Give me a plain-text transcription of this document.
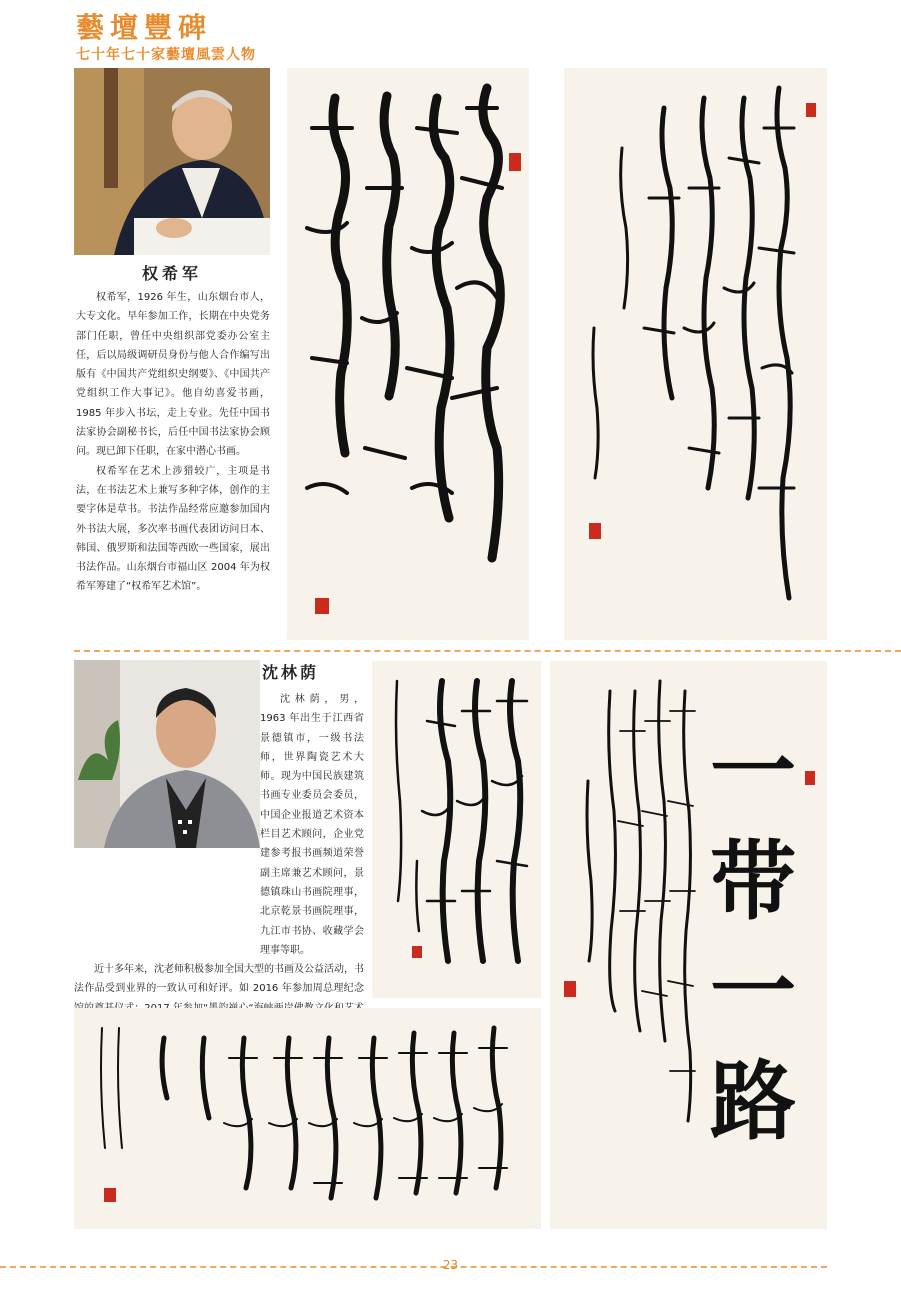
藝壇豐碑
七十年七十家藝壇風雲人物
权希军

权希军，1926 年生，山东烟台市人，大专文化。早年参加工作，长期在中央党务部门任职，曾任中央组织部党委办公室主任，后以局级调研员身份与他人合作编写出版有《中国共产党组织史纲要》、《中国共产党组织工作大事记》。他自幼喜爱书画，1985 年步入书坛，走上专业。先任中国书法家协会副秘书长，后任中国书法家协会顾问。现已卸下任职，在家中潜心书画。

权希军在艺术上涉猎较广，主项是书法，在书法艺术上兼写多种字体，创作的主要字体是草书。书法作品经常应邀参加国内外书法大展，多次率书画代表团访问日本、韩国、俄罗斯和法国等西欧一些国家，展出书法作品。山东烟台市福山区 2004 年为权希军筹建了“权希军艺术馆”。

沈林荫

沈林荫，男，1963 年出生于江西省景德镇市，一级书法师，世界陶瓷艺术大师。现为中国民族建筑书画专业委员会委员，中国企业报道艺术资本栏目艺术顾问，企业党建参考报书画频道荣誉副主席兼艺术顾问，景德镇珠山书画院理事，北京乾景书画院理事，九江市书协、收藏学会理事等职。

近十多年来，沈老师积极参加全国大型的书画及公益活动，书法作品受到业界的一致认可和好评。如 2016 年参加周总理纪念

一
带
一
路
23
